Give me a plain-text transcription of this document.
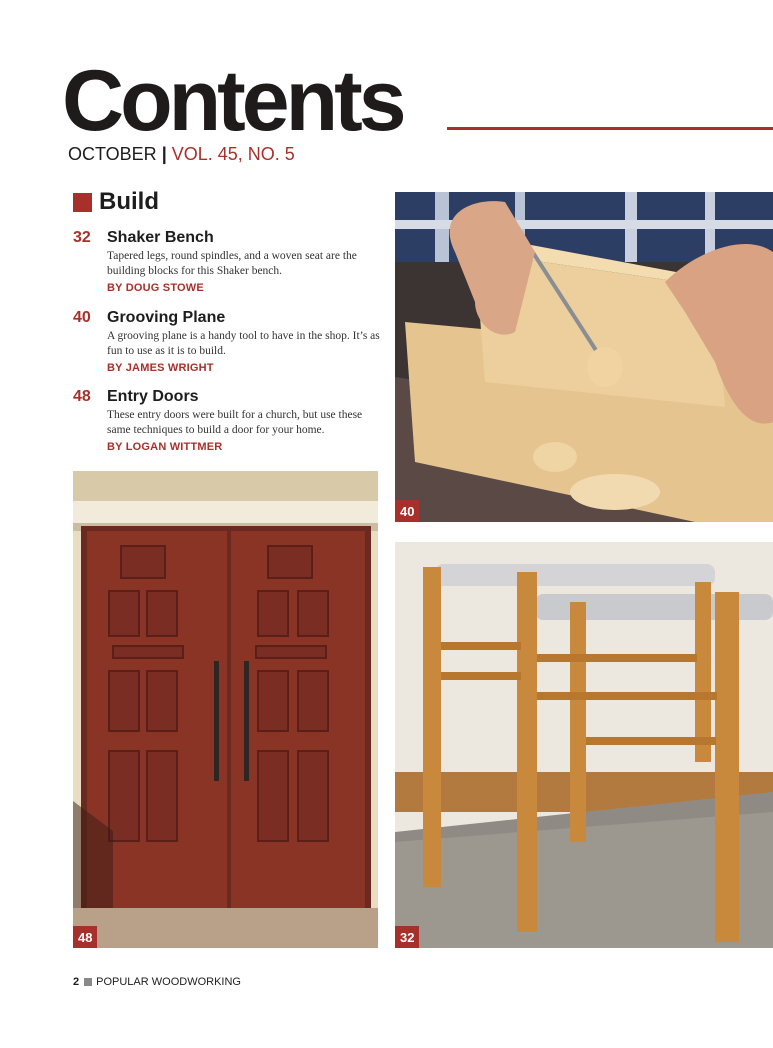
Contents
OCTOBER | VOL. 45, NO. 5
Build
32 Shaker Bench
Tapered legs, round spindles, and a woven seat are the building blocks for this Shaker bench.
BY DOUG STOWE
40 Grooving Plane
A grooving plane is a handy tool to have in the shop. It’s as fun to use as it is to build.
BY JAMES WRIGHT
48 Entry Doors
These entry doors were built for a church, but use these same techniques to build a door for your home.
BY LOGAN WITTMER
40
48	32
2 POPULAR WOODWORKING
